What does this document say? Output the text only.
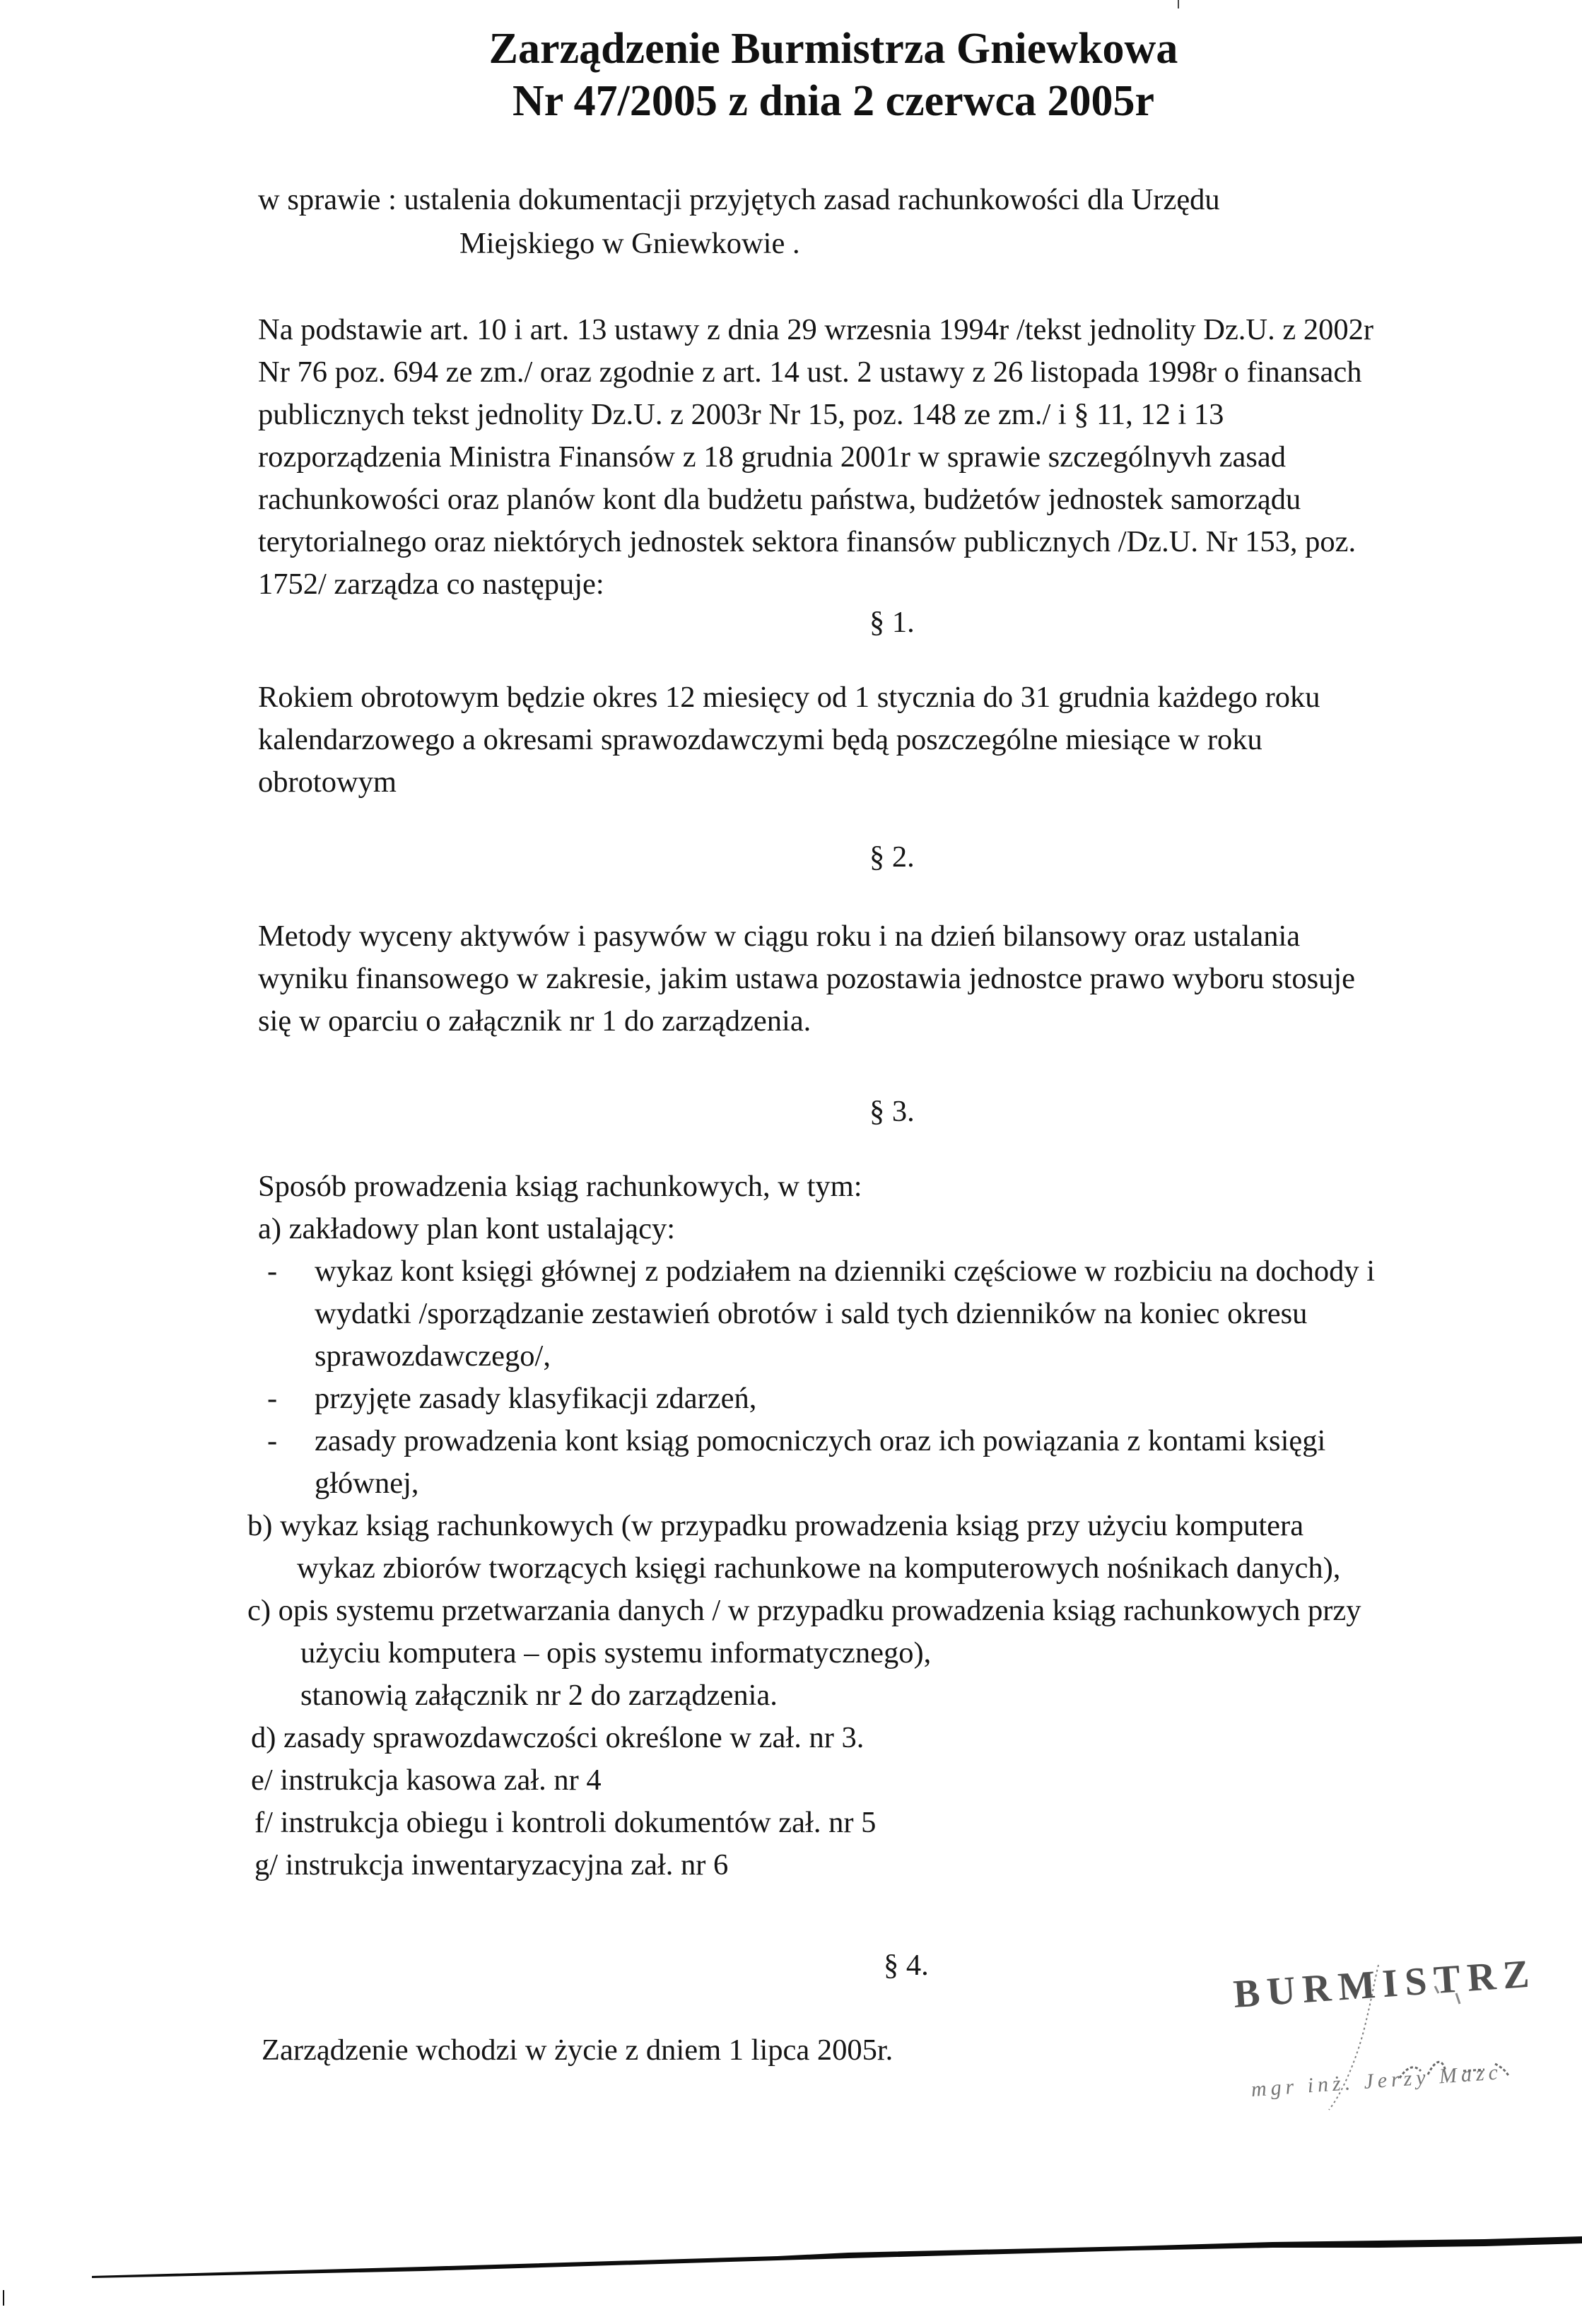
Zarządzenie Burmistrza Gniewkowa
Nr 47/2005 z dnia 2 czerwca 2005r
w sprawie : ustalenia dokumentacji przyjętych zasad rachunkowości dla Urzędu
Miejskiego w Gniewkowie .
Na podstawie art. 10 i art. 13 ustawy z dnia 29 wrzesnia 1994r /tekst jednolity Dz.U. z 2002r
Nr 76 poz. 694 ze zm./ oraz zgodnie z art. 14 ust. 2 ustawy z 26 listopada 1998r o finansach
publicznych tekst jednolity Dz.U. z 2003r Nr 15, poz. 148 ze zm./ i § 11, 12 i 13
rozporządzenia Ministra Finansów z 18 grudnia 2001r w sprawie szczególnyvh zasad
rachunkowości oraz planów kont dla budżetu państwa, budżetów jednostek samorządu
terytorialnego oraz niektórych jednostek sektora finansów publicznych /Dz.U. Nr 153, poz.
1752/ zarządza co następuje:
§ 1.
Rokiem obrotowym będzie okres 12 miesięcy od 1 stycznia do 31 grudnia każdego roku
kalendarzowego a okresami sprawozdawczymi będą poszczególne miesiące w roku
obrotowym
§ 2.
Metody wyceny aktywów i pasywów w ciągu roku i na dzień bilansowy oraz ustalania
wyniku finansowego w zakresie, jakim ustawa pozostawia jednostce prawo wyboru stosuje
się w oparciu o załącznik nr 1 do zarządzenia.
§ 3.
Sposób prowadzenia ksiąg rachunkowych, w tym:
a) zakładowy plan kont ustalający:
- wykaz kont księgi głównej z podziałem na dzienniki częściowe w rozbiciu na dochody i
wydatki /sporządzanie zestawień obrotów i sald tych dzienników na koniec okresu
sprawozdawczego/,
- przyjęte zasady klasyfikacji zdarzeń,
- zasady prowadzenia kont ksiąg pomocniczych oraz ich powiązania z kontami księgi
głównej,
b) wykaz ksiąg rachunkowych (w przypadku prowadzenia ksiąg przy użyciu komputera
wykaz zbiorów tworzących księgi rachunkowe na komputerowych nośnikach danych),
c) opis systemu przetwarzania danych / w przypadku prowadzenia ksiąg rachunkowych przy
użyciu komputera – opis systemu informatycznego),
stanowią załącznik nr 2 do zarządzenia.
d) zasady sprawozdawczości określone w zał. nr 3.
e/ instrukcja kasowa zał. nr 4
f/ instrukcja obiegu i kontroli dokumentów zał. nr 5
g/ instrukcja inwentaryzacyjna zał. nr 6
§ 4.
Zarządzenie wchodzi w życie z dniem 1 lipca 2005r.
BURMISTRZ
mgr inż. Jerzy Mazc
